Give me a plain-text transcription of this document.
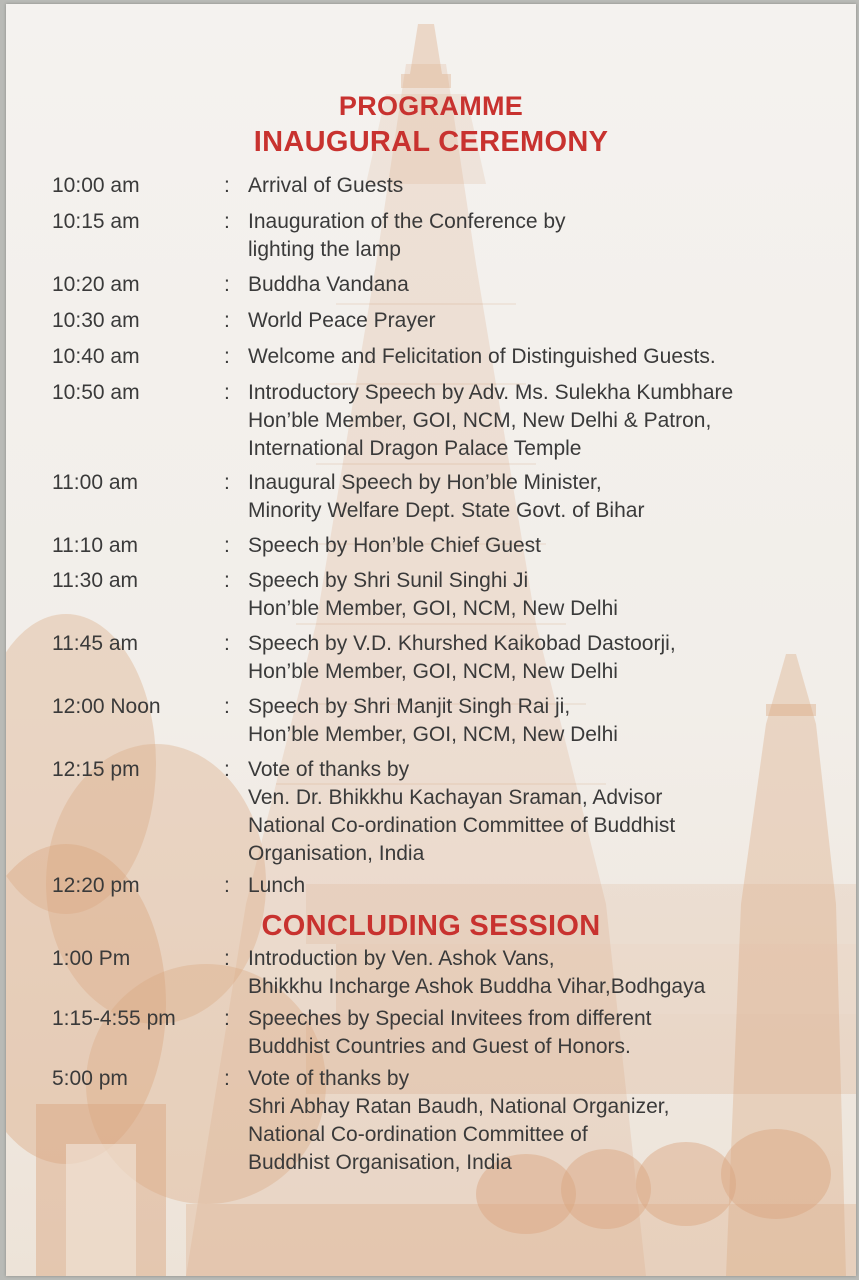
PROGRAMME
INAUGURAL CEREMONY
10:00 am	: Arrival of Guests
10:15 am	: Inauguration of the Conference by
lighting the lamp
10:20 am	: Buddha Vandana
10:30 am	: World Peace Prayer
10:40 am	: Welcome and Felicitation of Distinguished Guests.
10:50 am	: Introductory Speech by Adv. Ms. Sulekha Kumbhare
Hon’ble Member, GOI, NCM, New Delhi & Patron,
International Dragon Palace Temple
11:00 am	: Inaugural Speech by Hon’ble Minister,
Minority Welfare Dept. State Govt. of Bihar
11:10 am	: Speech by Hon’ble Chief Guest
11:30 am	: Speech by Shri Sunil Singhi Ji
Hon’ble Member, GOI, NCM, New Delhi
11:45 am	: Speech by V.D. Khurshed Kaikobad Dastoorji,
Hon’ble Member, GOI, NCM, New Delhi
12:00 Noon	: Speech by Shri Manjit Singh Rai ji,
Hon’ble Member, GOI, NCM, New Delhi
12:15 pm	: Vote of thanks by
Ven. Dr. Bhikkhu Kachayan Sraman, Advisor
National Co-ordination Committee of Buddhist
Organisation, India
12:20 pm	: Lunch
CONCLUDING SESSION
1:00 Pm	: Introduction by Ven. Ashok Vans,
Bhikkhu Incharge Ashok Buddha Vihar,Bodhgaya
1:15-4:55 pm : Speeches by Special Invitees from different
Buddhist Countries and Guest of Honors.
5:00 pm	: Vote of thanks by
Shri Abhay Ratan Baudh, National Organizer,
National Co-ordination Committee of
Buddhist Organisation, India
